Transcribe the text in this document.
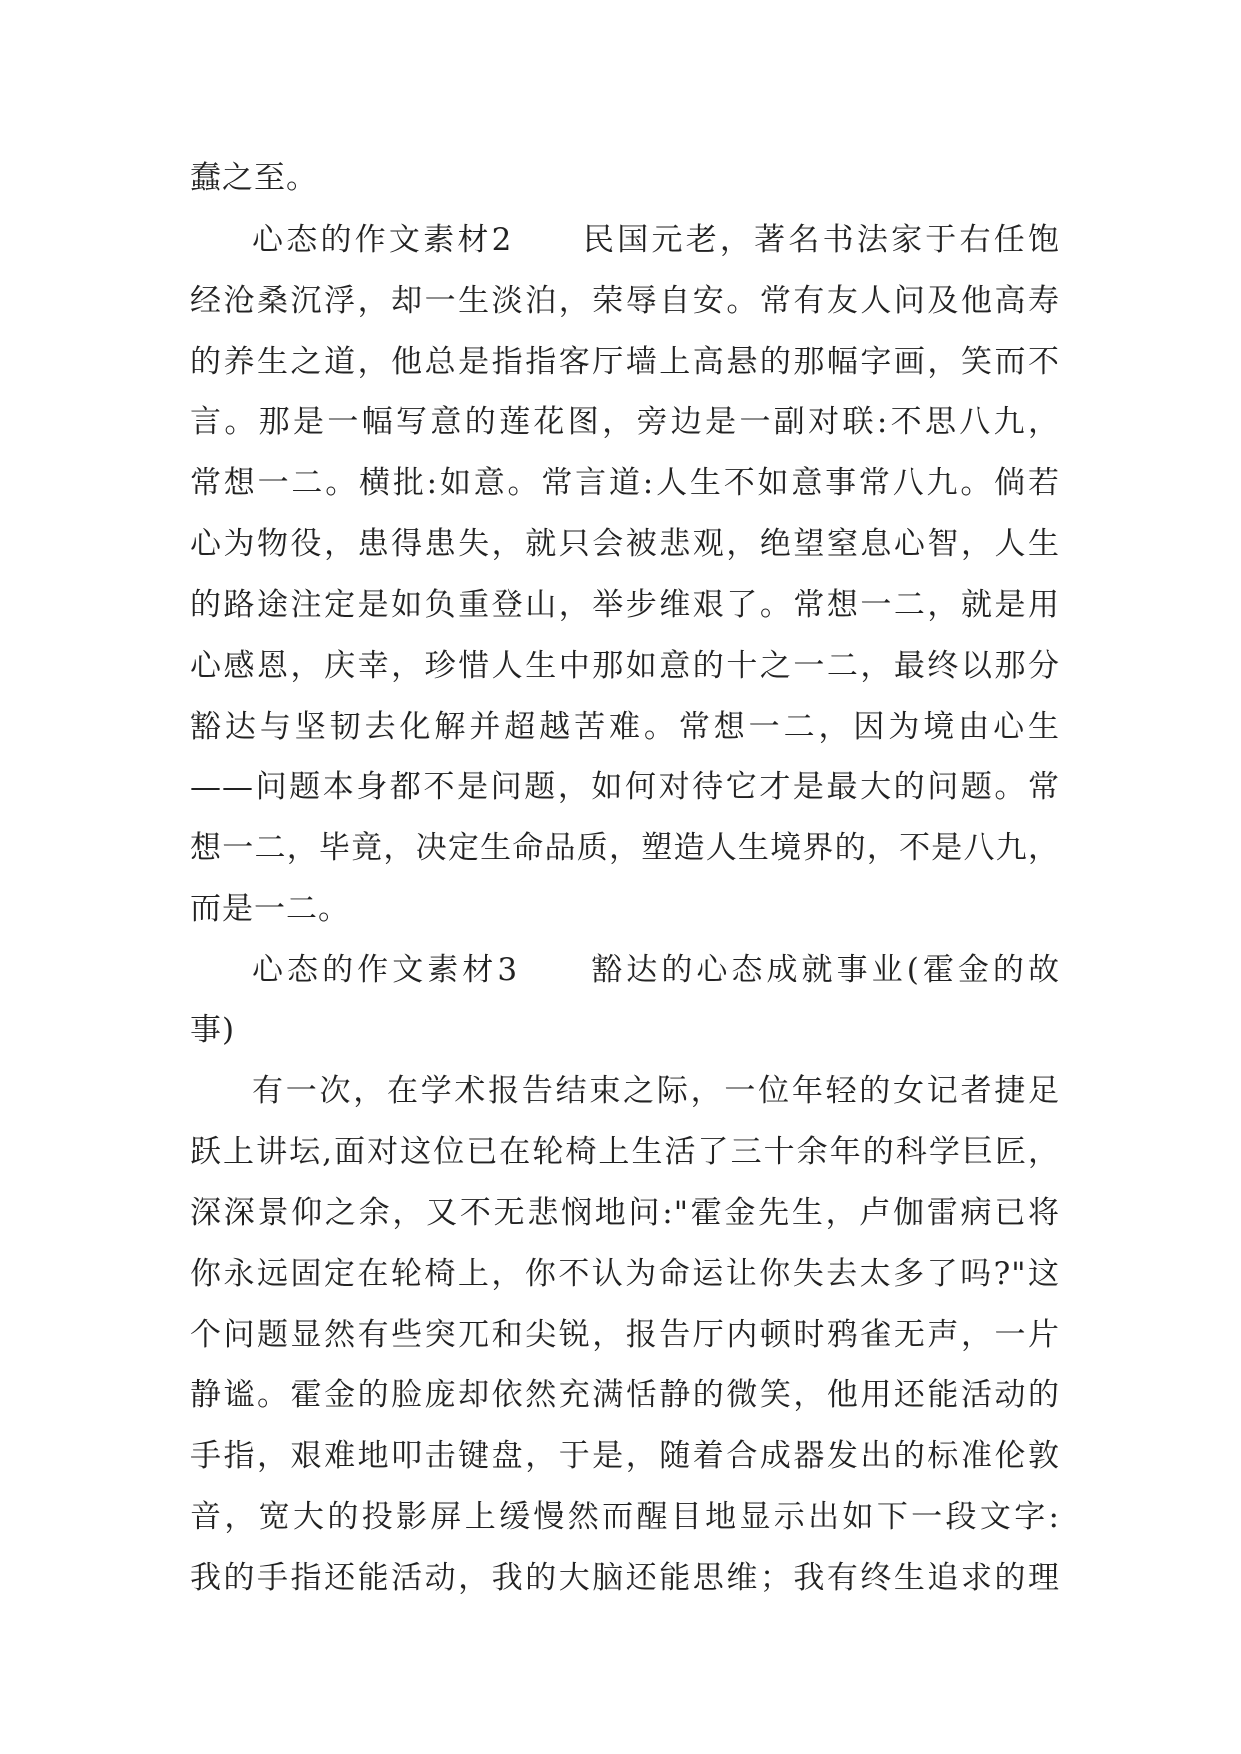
蠢之至。
心态的作文素材2　　民国元老，著名书法家于右任饱
经沧桑沉浮，却一生淡泊，荣辱自安。常有友人问及他高寿
的养生之道，他总是指指客厅墙上高悬的那幅字画，笑而不
言。那是一幅写意的莲花图，旁边是一副对联:不思八九，
常想一二。横批:如意。常言道:人生不如意事常八九。倘若
心为物役，患得患失，就只会被悲观，绝望窒息心智，人生
的路途注定是如负重登山，举步维艰了。常想一二，就是用
心感恩，庆幸，珍惜人生中那如意的十之一二，最终以那分
豁达与坚韧去化解并超越苦难。常想一二，因为境由心生
——问题本身都不是问题，如何对待它才是最大的问题。常
想一二，毕竟，决定生命品质，塑造人生境界的，不是八九，
而是一二。
心态的作文素材3　　豁达的心态成就事业(霍金的故
事)
有一次，在学术报告结束之际，一位年轻的女记者捷足
跃上讲坛,面对这位已在轮椅上生活了三十余年的科学巨匠，
深深景仰之余，又不无悲悯地问:"霍金先生，卢伽雷病已将
你永远固定在轮椅上，你不认为命运让你失去太多了吗?"这
个问题显然有些突兀和尖锐，报告厅内顿时鸦雀无声，一片
静谧。霍金的脸庞却依然充满恬静的微笑，他用还能活动的
手指，艰难地叩击键盘，于是，随着合成器发出的标准伦敦
音，宽大的投影屏上缓慢然而醒目地显示出如下一段文字:
我的手指还能活动，我的大脑还能思维；我有终生追求的理
